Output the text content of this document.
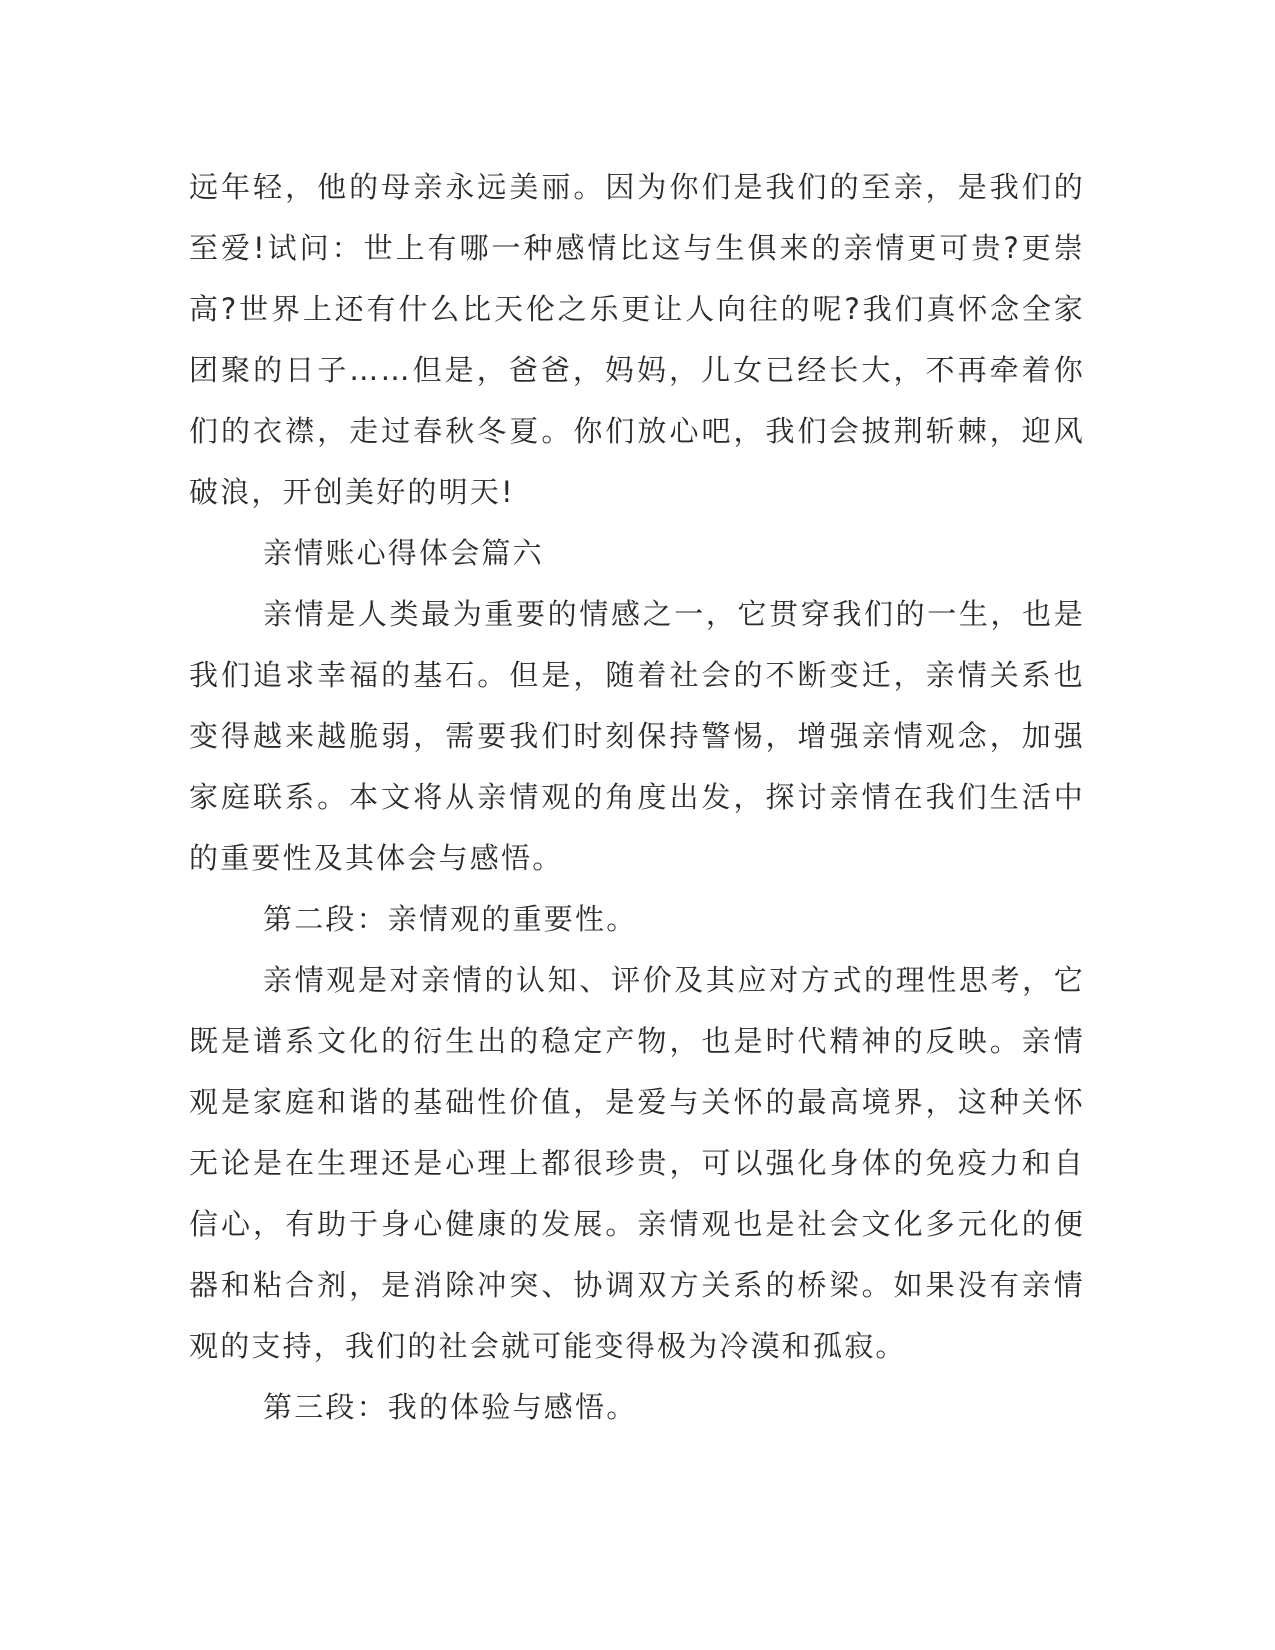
远年轻，他的母亲永远美丽。因为你们是我们的至亲，是我们的至爱!试问：世上有哪一种感情比这与生俱来的亲情更可贵?更崇高?世界上还有什么比天伦之乐更让人向往的呢?我们真怀念全家团聚的日子……但是，爸爸，妈妈，儿女已经长大，不再牵着你们的衣襟，走过春秋冬夏。你们放心吧，我们会披荆斩棘，迎风破浪，开创美好的明天!

亲情账心得体会篇六

亲情是人类最为重要的情感之一，它贯穿我们的一生，也是我们追求幸福的基石。但是，随着社会的不断变迁，亲情关系也变得越来越脆弱，需要我们时刻保持警惕，增强亲情观念，加强家庭联系。本文将从亲情观的角度出发，探讨亲情在我们生活中的重要性及其体会与感悟。

第二段：亲情观的重要性。

亲情观是对亲情的认知、评价及其应对方式的理性思考，它既是谱系文化的衍生出的稳定产物，也是时代精神的反映。亲情观是家庭和谐的基础性价值，是爱与关怀的最高境界，这种关怀无论是在生理还是心理上都很珍贵，可以强化身体的免疫力和自信心，有助于身心健康的发展。亲情观也是社会文化多元化的便器和粘合剂，是消除冲突、协调双方关系的桥梁。如果没有亲情观的支持，我们的社会就可能变得极为冷漠和孤寂。

第三段：我的体验与感悟。
